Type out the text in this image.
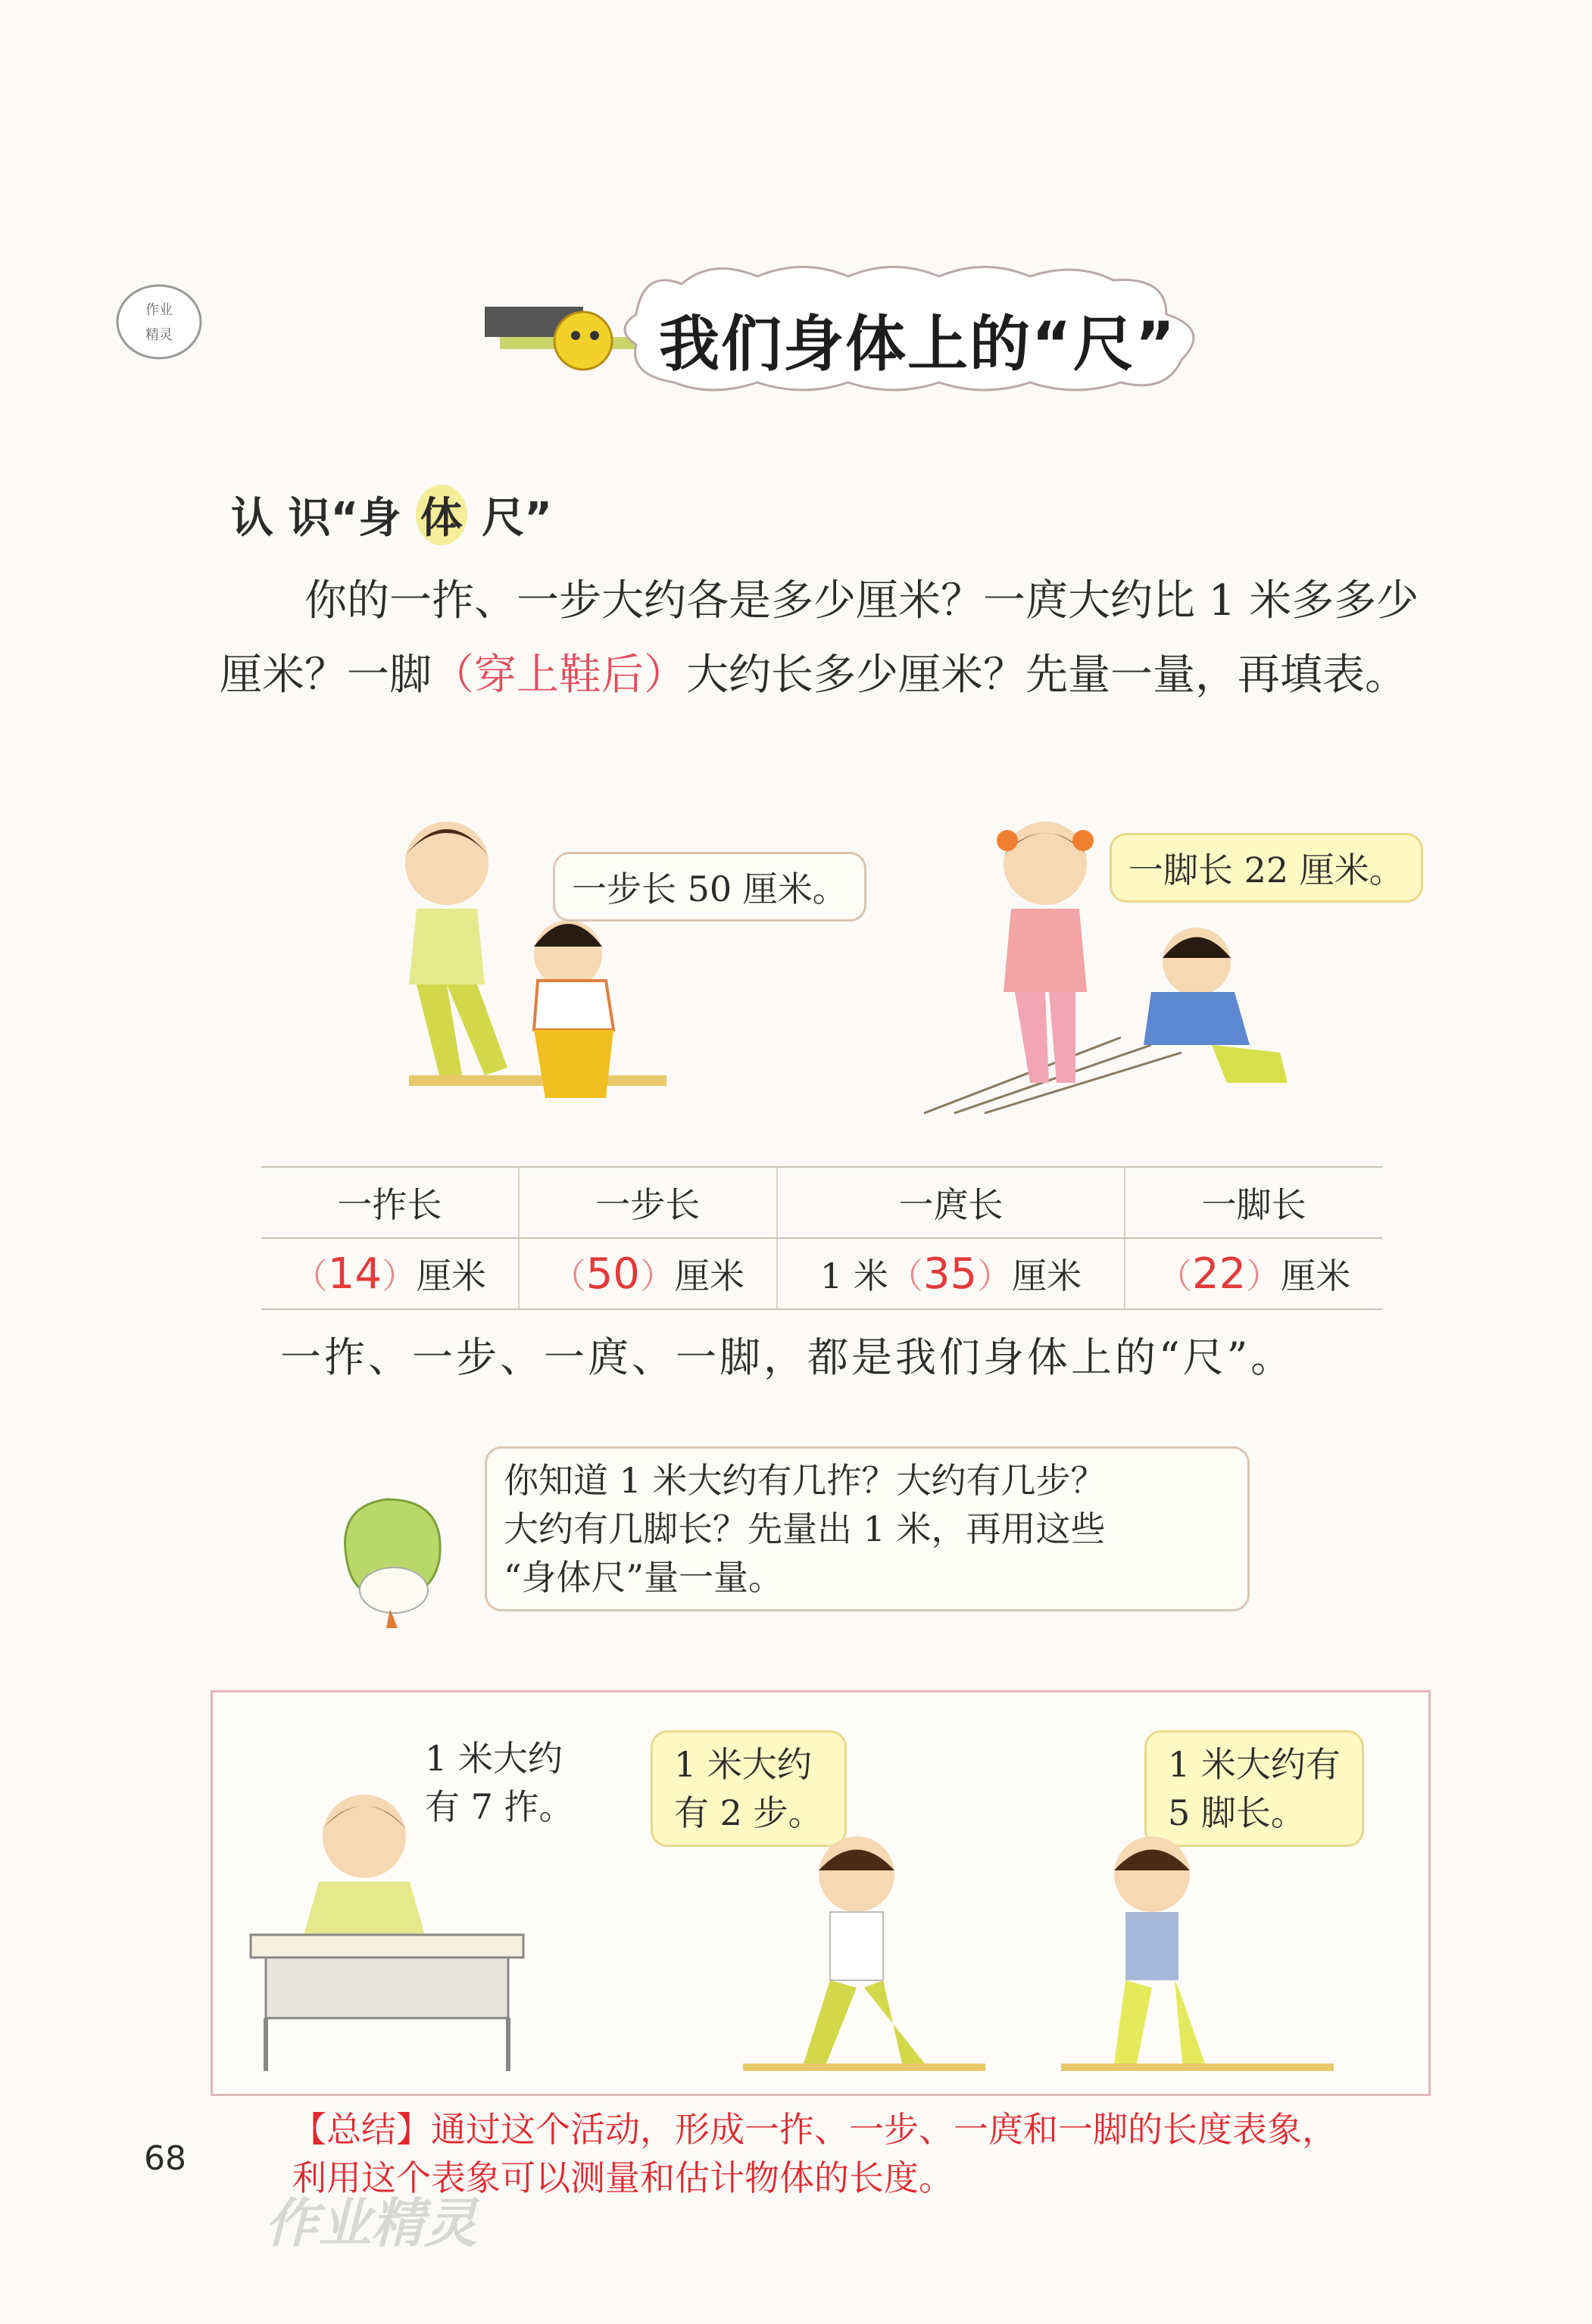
作业
精灵	我们身体上的“尺”
认 识“身 体 尺”
你的一拃、一步大约各是多少厘米？一庹大约比 1 米多多少厘米？一脚（穿上鞋后）大约长多少厘米？先量一量，再填表。
一步长 50 厘米。	一脚长 22 厘米。
一拃长	一步长	一庹长	一脚长
（14）厘米	（50）厘米	1 米（35）厘米	（22）厘米
一拃、一步、一庹、一脚，都是我们身体上的“尺”。
你知道 1 米大约有几拃？大约有几步？
大约有几脚长？先量出 1 米，再用这些
“身体尺”量一量。
1 米大约
有 7 拃。
1 米大约
有 2 步。
1 米大约有
5 脚长。
68
【总结】通过这个活动，形成一拃、一步、一庹和一脚的长度表象，
利用这个表象可以测量和估计物体的长度。
作业精灵
